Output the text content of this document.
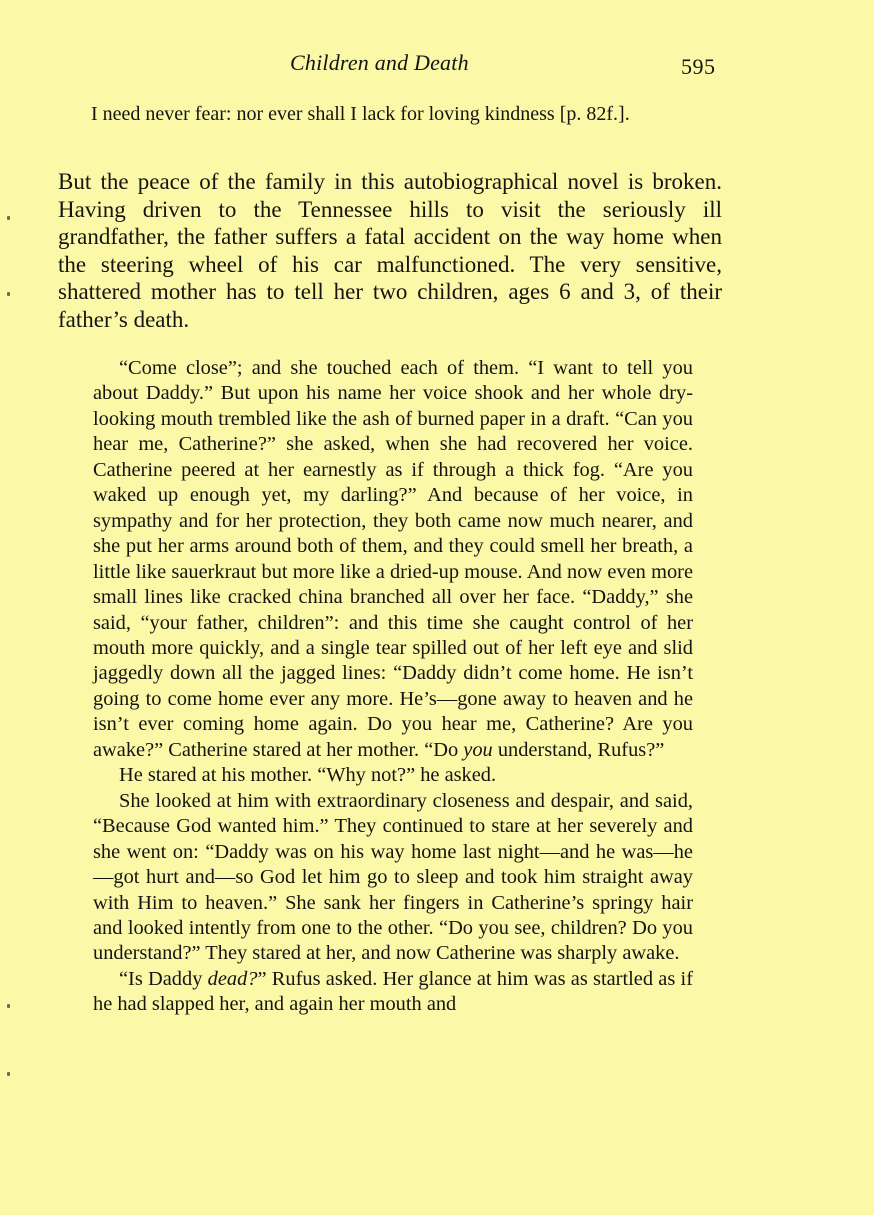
Children and Death	595
I need never fear: nor ever shall I lack for loving kindness [p. 82f.].
But the peace of the family in this autobiographical novel is broken. Having driven to the Tennessee hills to visit the seriously ill grandfather, the father suffers a fatal accident on the way home when the steering wheel of his car malfunctioned. The very sensitive, shattered mother has to tell her two children, ages 6 and 3, of their father’s death.

“Come close”; and she touched each of them. “I want to tell you about Daddy.” But upon his name her voice shook and her whole dry-looking mouth trembled like the ash of burned paper in a draft. “Can you hear me, Catherine?” she asked, when she had recovered her voice. Catherine peered at her earnestly as if through a thick fog. “Are you waked up enough yet, my darling?” And because of her voice, in sympathy and for her protection, they both came now much nearer, and she put her arms around both of them, and they could smell her breath, a little like sauerkraut but more like a dried-up mouse. And now even more small lines like cracked china branched all over her face. “Daddy,” she said, “your father, children”: and this time she caught control of her mouth more quickly, and a single tear spilled out of her left eye and slid jaggedly down all the jagged lines: “Daddy didn’t come home. He isn’t going to come home ever any more. He’s—gone away to heaven and he isn’t ever coming home again. Do you hear me, Catherine? Are you awake?” Catherine stared at her mother. “Do you understand, Rufus?”

He stared at his mother. “Why not?” he asked.

She looked at him with extraordinary closeness and despair, and said, “Because God wanted him.” They continued to stare at her severely and she went on: “Daddy was on his way home last night—and he was—he—got hurt and—so God let him go to sleep and took him straight away with Him to heaven.” She sank her fingers in Catherine’s springy hair and looked intently from one to the other. “Do you see, children? Do you understand?” They stared at her, and now Catherine was sharply awake.

“Is Daddy dead?” Rufus asked. Her glance at him was as startled as if he had slapped her, and again her mouth and
